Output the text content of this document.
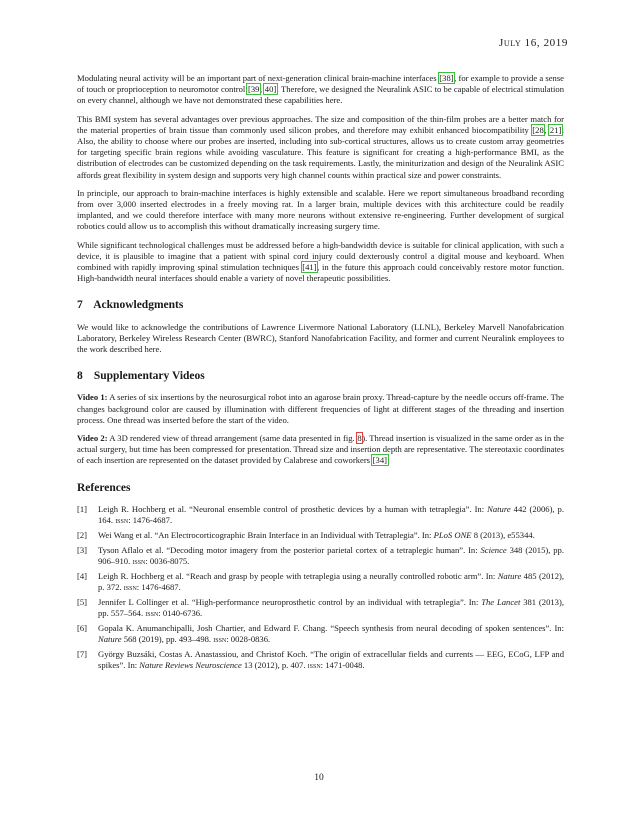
July 16, 2019

Modulating neural activity will be an important part of next-generation clinical brain-machine interfaces [38], for example to provide a sense of touch or proprioception to neuromotor control [39, 40]. Therefore, we designed the Neuralink ASIC to be capable of electrical stimulation on every channel, although we have not demonstrated these capabilities here.

This BMI system has several advantages over previous approaches. The size and composition of the thin-film probes are a better match for the material properties of brain tissue than commonly used silicon probes, and therefore may exhibit enhanced biocompatibility [28, 21]. Also, the ability to choose where our probes are inserted, including into sub-cortical structures, allows us to create custom array geometries for targeting specific brain regions while avoiding vasculature. This feature is significant for creating a high-performance BMI, as the distribution of electrodes can be customized depending on the task requirements. Lastly, the miniturization and design of the Neuralink ASIC affords great flexibility in system design and supports very high channel counts within practical size and power constraints.

In principle, our approach to brain-machine interfaces is highly extensible and scalable. Here we report simultaneous broadband recording from over 3,000 inserted electrodes in a freely moving rat. In a larger brain, multiple devices with this architecture could be readily implanted, and we could therefore interface with many more neurons without extensive re-engineering. Further development of surgical robotics could allow us to accomplish this without dramatically increasing surgery time.

While significant technological challenges must be addressed before a high-bandwidth device is suitable for clinical application, with such a device, it is plausible to imagine that a patient with spinal cord injury could dexterously control a digital mouse and keyboard. When combined with rapidly improving spinal stimulation techniques [41], in the future this approach could conceivably restore motor function. High-bandwidth neural interfaces should enable a variety of novel therapeutic possibilities.

7 Acknowledgments

We would like to acknowledge the contributions of Lawrence Livermore National Laboratory (LLNL), Berkeley Marvell Nanofabrication Laboratory, Berkeley Wireless Research Center (BWRC), Stanford Nanofabrication Facility, and former and current Neuralink employees to the work described here.

8 Supplementary Videos

Video 1: A series of six insertions by the neurosurgical robot into an agarose brain proxy. Thread-capture by the needle occurs off-frame. The changes background color are caused by illumination with different frequencies of light at different stages of the threading and insertion process. One thread was inserted before the start of the video.

Video 2: A 3D rendered view of thread arrangement (same data presented in fig. 8). Thread insertion is visualized in the same order as in the actual surgery, but time has been compressed for presentation. Thread size and insertion depth are representative. The stereotaxic coordinates of each insertion are represented on the dataset provided by Calabrese and coworkers [34].

References
[1] Leigh R. Hochberg et al. “Neuronal ensemble control of prosthetic devices by a human with tetraplegia”. In: Nature 442 (2006), p. 164. issn: 1476-4687.
[2] Wei Wang et al. “An Electrocorticographic Brain Interface in an Individual with Tetraplegia”. In: PLoS ONE 8 (2013), e55344.
[3] Tyson Aflalo et al. “Decoding motor imagery from the posterior parietal cortex of a tetraplegic human”. In: Science 348 (2015), pp. 906–910. issn: 0036-8075.
[4] Leigh R. Hochberg et al. “Reach and grasp by people with tetraplegia using a neurally controlled robotic arm”. In: Nature 485 (2012), p. 372. issn: 1476-4687.
[5] Jennifer L Collinger et al. “High-performance neuroprosthetic control by an individual with tetraplegia”. In: The Lancet 381 (2013), pp. 557–564. issn: 0140-6736.
[6] Gopala K. Anumanchipalli, Josh Chartier, and Edward F. Chang. “Speech synthesis from neural decoding of spoken sentences”. In: Nature 568 (2019), pp. 493–498. issn: 0028-0836.
[7] György Buzsáki, Costas A. Anastassiou, and Christof Koch. “The origin of extracellular fields and currents — EEG, ECoG, LFP and spikes”. In: Nature Reviews Neuroscience 13 (2012), p. 407. issn: 1471-0048.
10
